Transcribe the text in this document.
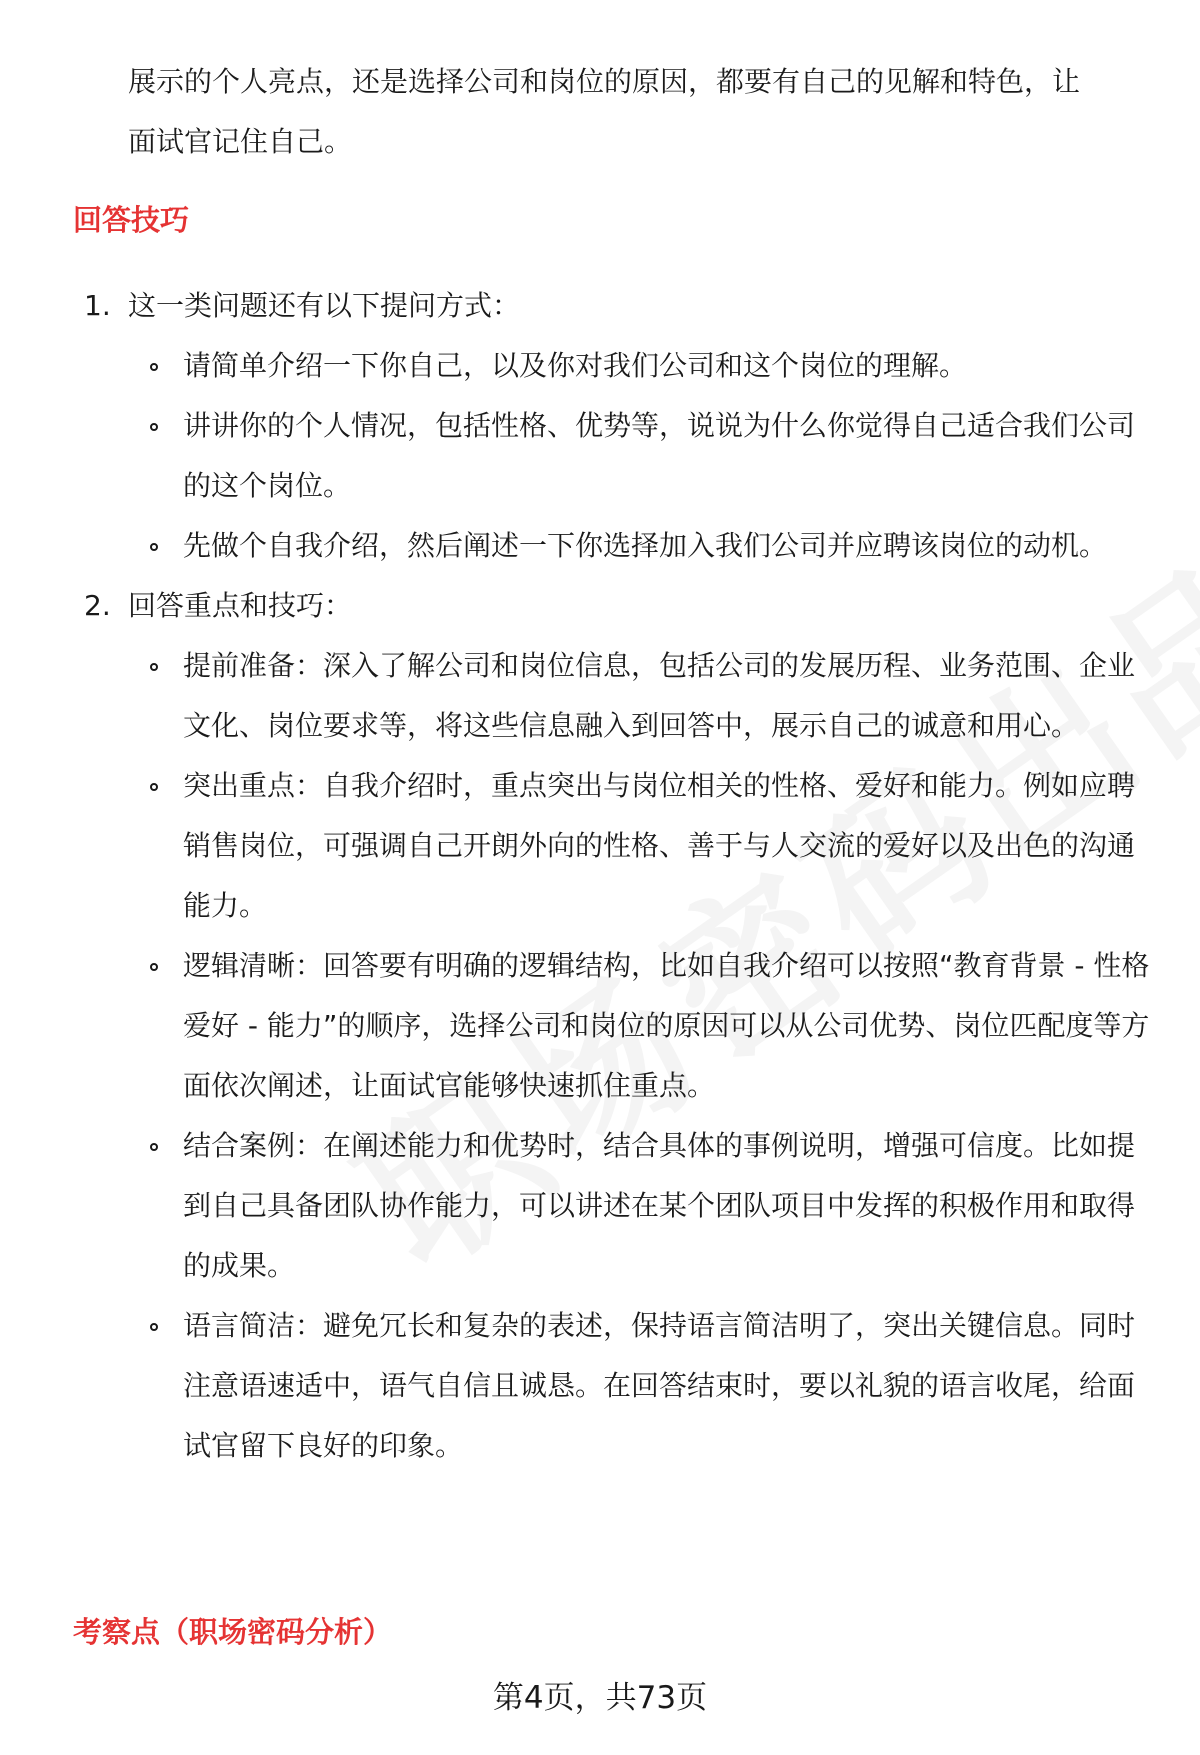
展示的个人亮点，还是选择公司和岗位的原因，都要有自己的见解和特色，让

面试官记住自己。

回答技巧
1. 这一类问题还有以下提问方式：

请简单介绍一下你自己，以及你对我们公司和这个岗位的理解。

讲讲你的个人情况，包括性格、优势等，说说为什么你觉得自己适合我们公司的这个岗位。

先做个自我介绍，然后阐述一下你选择加入我们公司并应聘该岗位的动机。

2. 回答重点和技巧：

提前准备：深入了解公司和岗位信息，包括公司的发展历程、业务范围、企业文化、岗位要求等，将这些信息融入到回答中，展示自己的诚意和用心。

突出重点：自我介绍时，重点突出与岗位相关的性格、爱好和能力。例如应聘销售岗位，可强调自己开朗外向的性格、善于与人交流的爱好以及出色的沟通能力。

逻辑清晰：回答要有明确的逻辑结构，比如自我介绍可以按照“教育背景 - 性格爱好 - 能力”的顺序，选择公司和岗位的原因可以从公司优势、岗位匹配度等方面依次阐述，让面试官能够快速抓住重点。

结合案例：在阐述能力和优势时，结合具体的事例说明，增强可信度。比如提到自己具备团队协作能力，可以讲述在某个团队项目中发挥的积极作用和取得的成果。

语言简洁：避免冗长和复杂的表述，保持语言简洁明了，突出关键信息。同时注意语速适中，语气自信且诚恳。在回答结束时，要以礼貌的语言收尾，给面试官留下良好的印象。

考察点（职场密码分析）
第4页，共73页
